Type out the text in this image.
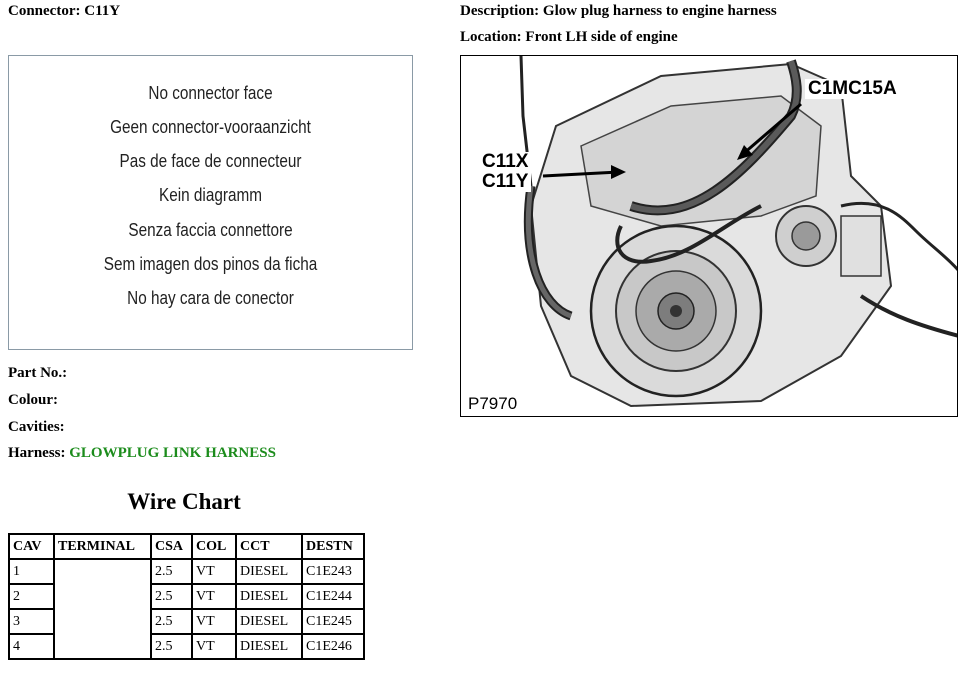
Connector: C11Y	Description: Glow plug harness to engine harness
Location: Front LH side of engine
No connector face
Geen connector-vooraanzicht
Pas de face de connecteur
Kein diagramm
Senza faccia connettore
Sem imagen dos pinos da ficha
No hay cara de conector
C1MC15A
C11X
C11Y
P7970
Part No.:
Colour:
Cavities:
Harness: GLOWPLUG LINK HARNESS
Wire Chart
CAV	TERMINAL	CSA	COL	CCT	DESTN
1		2.5	VT	DIESEL	C1E243
2		2.5	VT	DIESEL	C1E244
3		2.5	VT	DIESEL	C1E245
4		2.5	VT	DIESEL	C1E246
